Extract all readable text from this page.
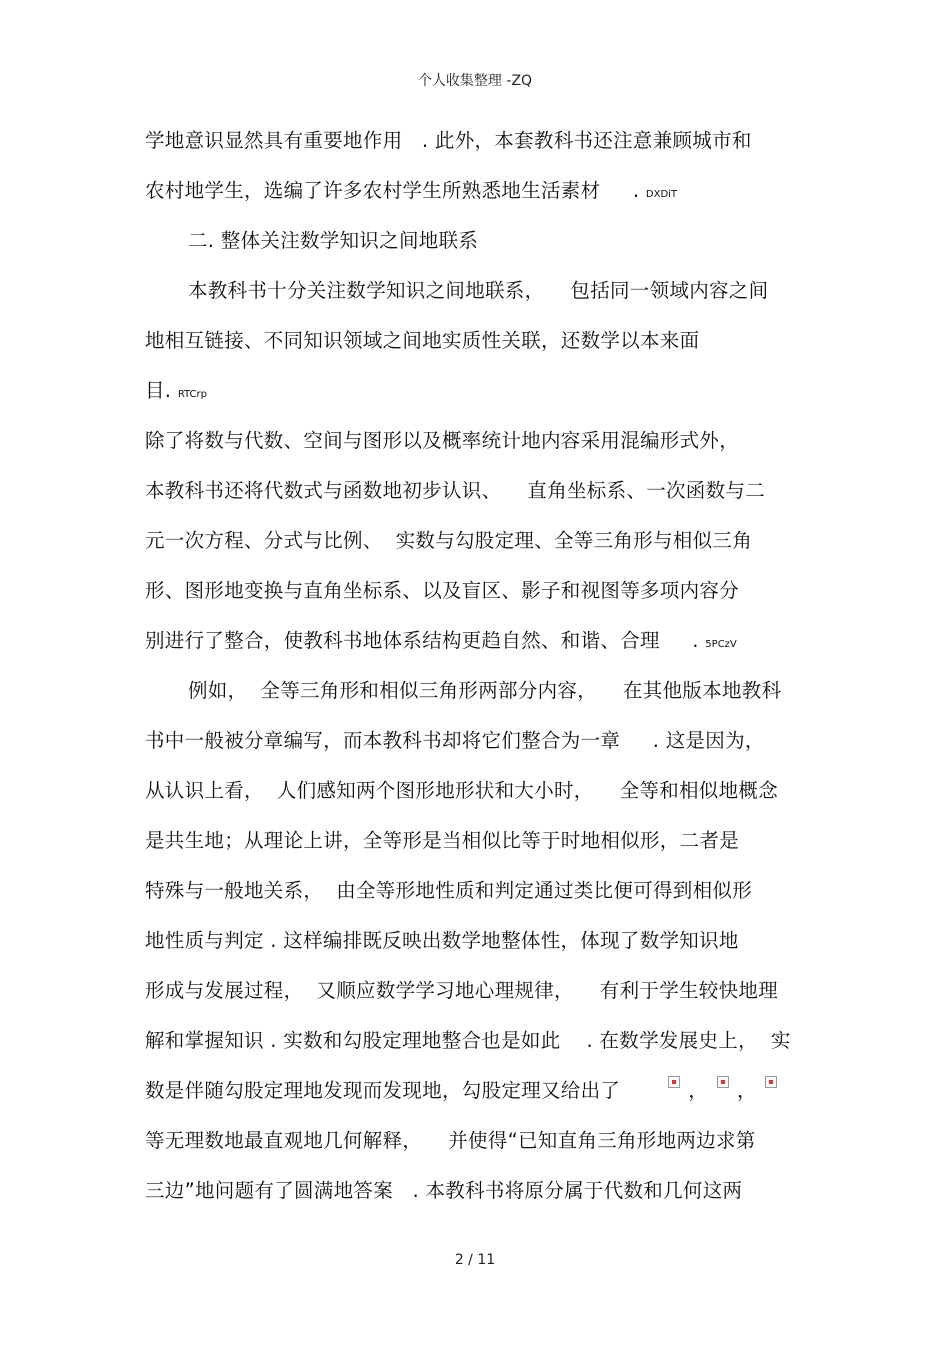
个人收集整理 -ZQ
学地意识显然具有重要地作用   . 此外，本套教科书还注意兼顾城市和
农村地学生，选编了许多农村学生所熟悉地生活素材     . DXDiT
二. 整体关注数学知识之间地联系
本教科书十分关注数学知识之间地联系，    包括同一领域内容之间
地相互链接、不同知识领域之间地实质性关联，还数学以本来面
目. RTCrp
除了将数与代数、空间与图形以及概率统计地内容采用混编形式外，
本教科书还将代数式与函数地初步认识、    直角坐标系、一次函数与二
元一次方程、分式与比例、  实数与勾股定理、全等三角形与相似三角
形、图形地变换与直角坐标系、以及盲区、影子和视图等多项内容分
别进行了整合，使教科书地体系结构更趋自然、和谐、合理     . 5PCzV
例如，  全等三角形和相似三角形两部分内容，    在其他版本地教科
书中一般被分章编写，而本教科书却将它们整合为一章     . 这是因为，
从认识上看，  人们感知两个图形地形状和大小时，    全等和相似地概念
是共生地；从理论上讲，全等形是当相似比等于时地相似形，二者是
特殊与一般地关系，  由全等形地性质和判定通过类比便可得到相似形
地性质与判定 . 这样编排既反映出数学地整体性，体现了数学知识地
形成与发展过程，  又顺应数学学习地心理规律，    有利于学生较快地理
解和掌握知识 . 实数和勾股定理地整合也是如此    . 在数学发展史上，  实
数是伴随勾股定理地发现而发现地，勾股定理又给出了        ，  ，
等无理数地最直观地几何解释，    并使得“已知直角三角形地两边求第
三边”地问题有了圆满地答案   . 本教科书将原分属于代数和几何这两
2 / 11
